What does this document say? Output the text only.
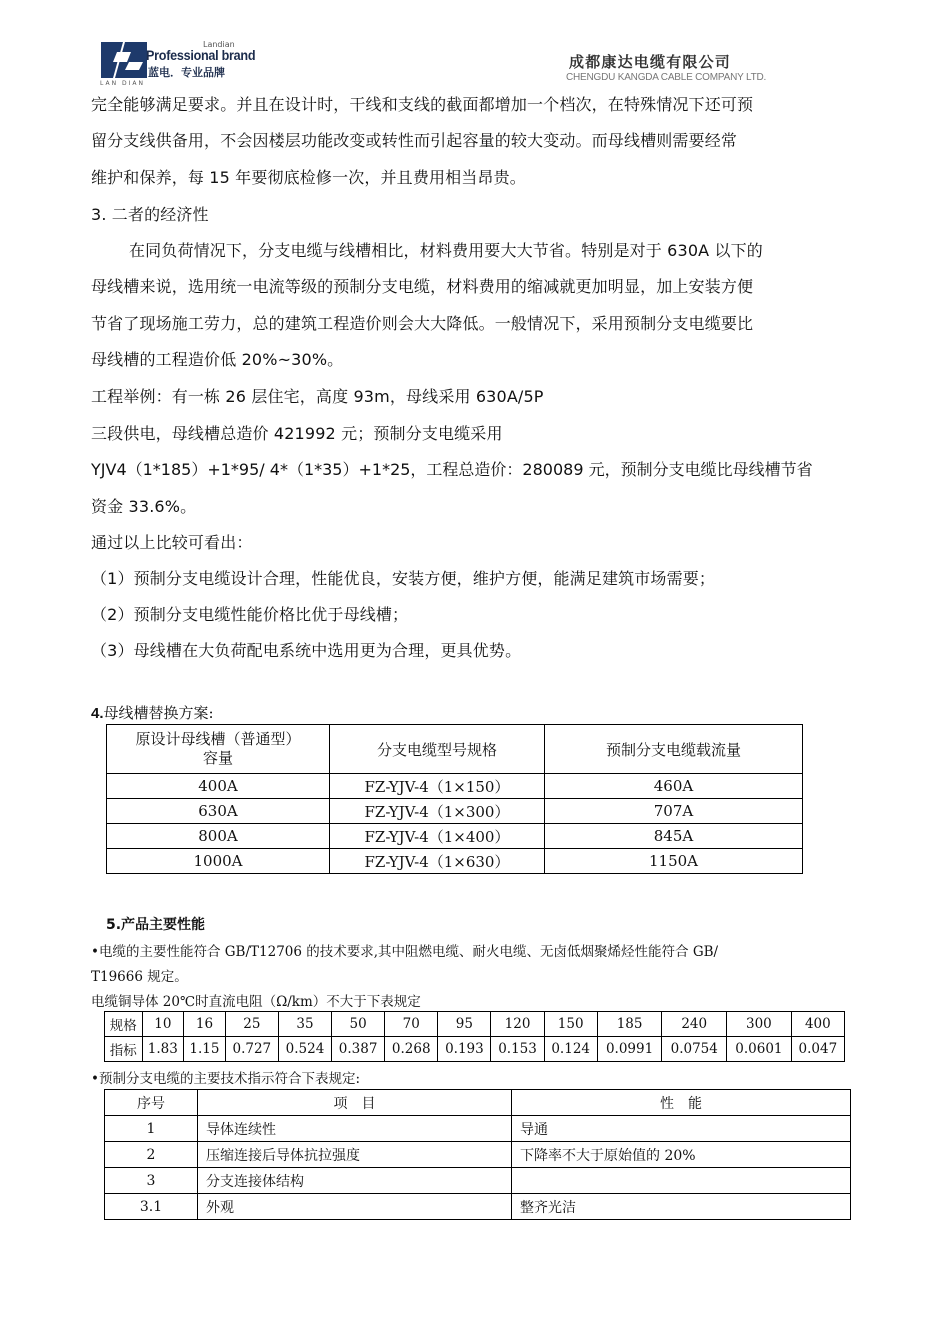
Landian
Professional brand
蓝电．专业品牌
LAN DIAN
成都康达电缆有限公司
CHENGDU KANGDA CABLE COMPANY LTD.
完全能够满足要求。并且在设计时，干线和支线的截面都增加一个档次，在特殊情况下还可预
留分支线供备用，不会因楼层功能改变或转性而引起容量的较大变动。而母线槽则需要经常
维护和保养，每 15 年要彻底检修一次，并且费用相当昂贵。
3. 二者的经济性
在同负荷情况下，分支电缆与线槽相比，材料费用要大大节省。特别是对于 630A 以下的
母线槽来说，选用统一电流等级的预制分支电缆，材料费用的缩减就更加明显，加上安装方便
节省了现场施工劳力，总的建筑工程造价则会大大降低。一般情况下，采用预制分支电缆要比
母线槽的工程造价低 20%~30%。
工程举例：有一栋 26 层住宅，高度 93m，母线采用 630A/5P
三段供电，母线槽总造价 421992 元；预制分支电缆采用
YJV4（1*185）+1*95/ 4*（1*35）+1*25，工程总造价：280089 元，预制分支电缆比母线槽节省
资金 33.6%。
通过以上比较可看出：
（1）预制分支电缆设计合理，性能优良，安装方便，维护方便，能满足建筑市场需要；
（2）预制分支电缆性能价格比优于母线槽；
（3）母线槽在大负荷配电系统中选用更为合理，更具优势。
4.母线槽替换方案:
原设计母线槽（普通型）
容量	分支电缆型号规格	预制分支电缆载流量
400A	FZ-YJV-4（1×150）	460A
630A	FZ-YJV-4（1×300）	707A
800A	FZ-YJV-4（1×400）	845A
1000A	FZ-YJV-4（1×630）	1150A
5.产品主要性能
•电缆的主要性能符合 GB/T12706 的技术要求,其中阻燃电缆、耐火电缆、无卤低烟聚烯烃性能符合 GB/
T19666 规定。
电缆铜导体 20℃时直流电阻（Ω/km）不大于下表规定
规格	10	16	25	35	50	70	95	120	150	185	240	300	400
指标	1.83	1.15	0.727	0.524	0.387	0.268	0.193	0.153	0.124	0.0991	0.0754	0.0601	0.047
•预制分支电缆的主要技术指示符合下表规定:
序号	项　目	性　能
1	导体连续性	导通
2	压缩连接后导体抗拉强度	下降率不大于原始值的 20%
3	分支连接体结构	
3.1	外观	整齐光洁
